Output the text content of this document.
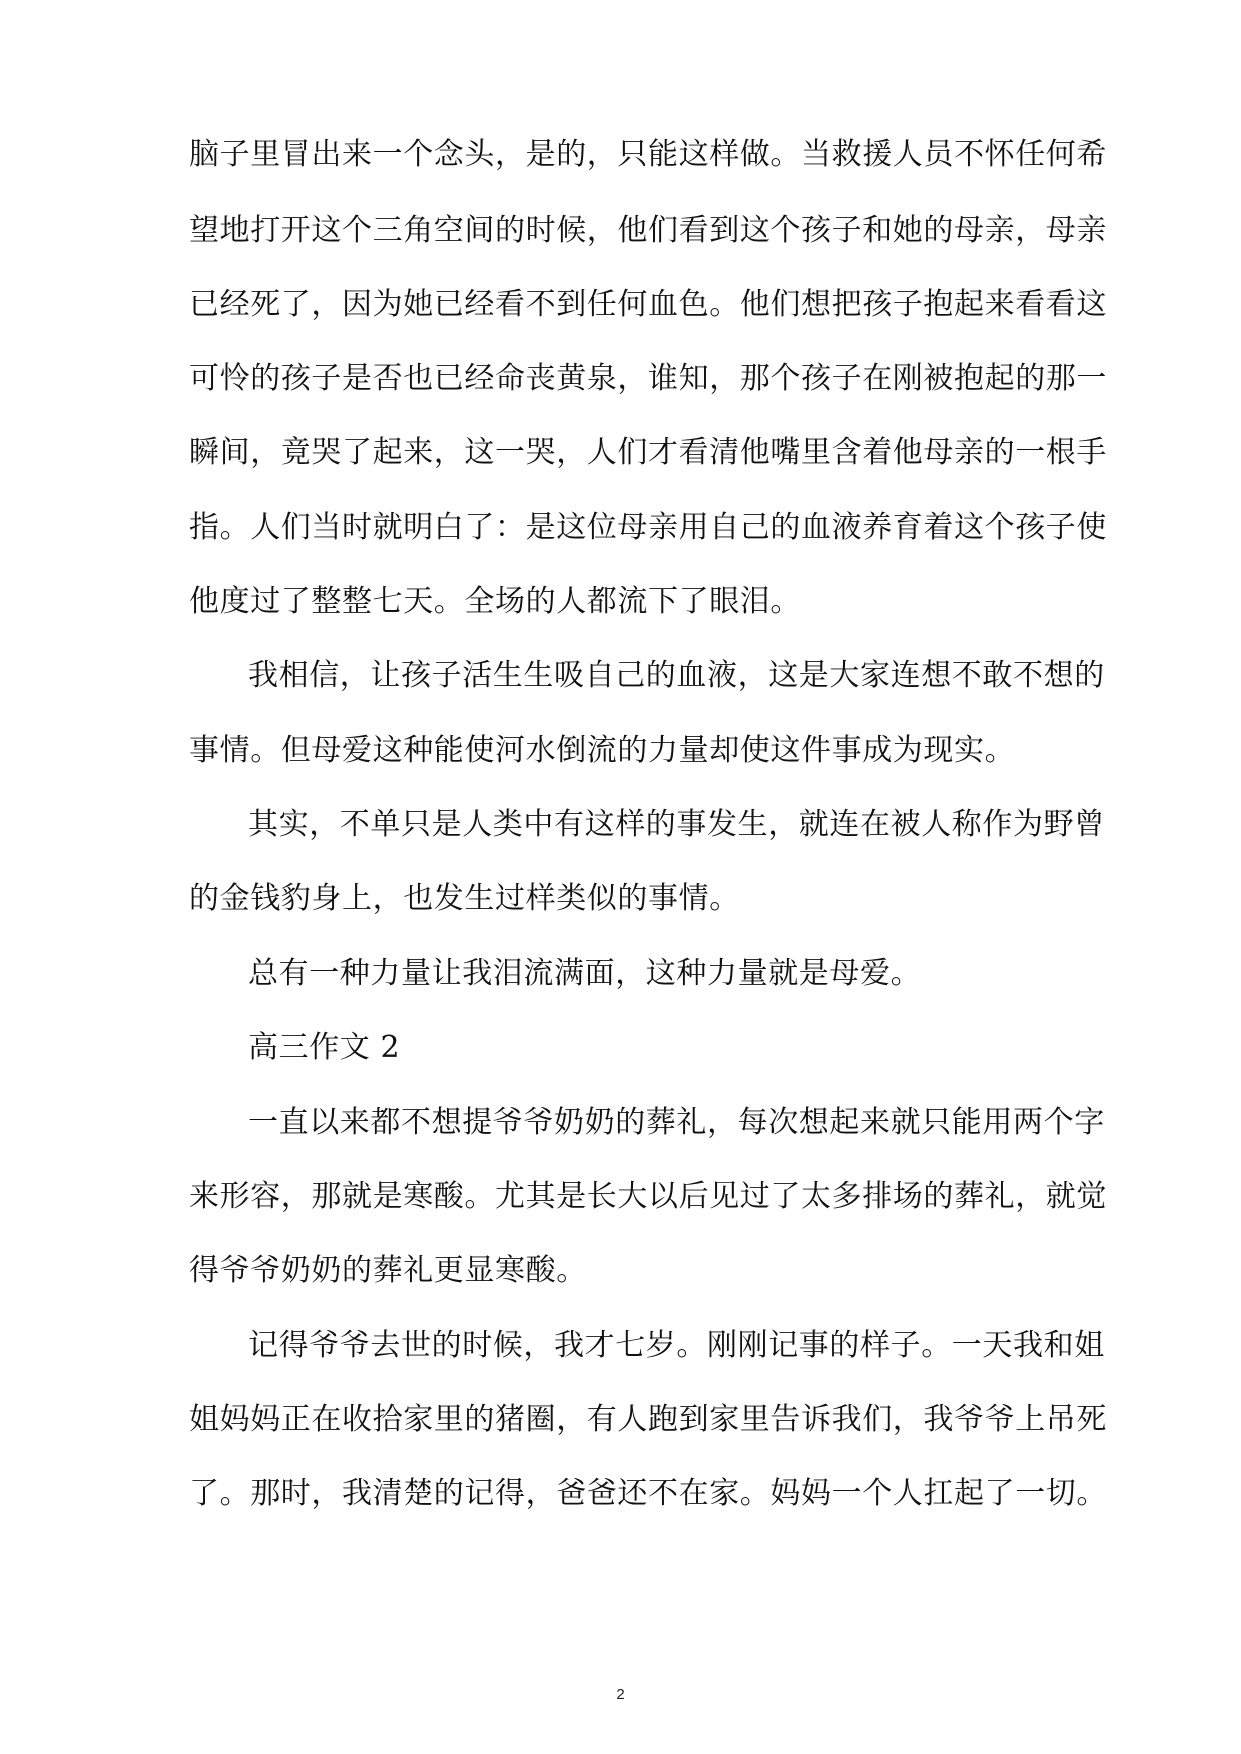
脑子里冒出来一个念头，是的，只能这样做。当救援人员不怀任何希
望地打开这个三角空间的时候，他们看到这个孩子和她的母亲，母亲
已经死了，因为她已经看不到任何血色。他们想把孩子抱起来看看这
可怜的孩子是否也已经命丧黄泉，谁知，那个孩子在刚被抱起的那一
瞬间，竟哭了起来，这一哭，人们才看清他嘴里含着他母亲的一根手
指。人们当时就明白了：是这位母亲用自己的血液养育着这个孩子使
他度过了整整七天。全场的人都流下了眼泪。
我相信，让孩子活生生吸自己的血液，这是大家连想不敢不想的
事情。但母爱这种能使河水倒流的力量却使这件事成为现实。
其实，不单只是人类中有这样的事发生，就连在被人称作为野曾
的金钱豹身上，也发生过样类似的事情。
总有一种力量让我泪流满面，这种力量就是母爱。
高三作文 2
一直以来都不想提爷爷奶奶的葬礼，每次想起来就只能用两个字
来形容，那就是寒酸。尤其是长大以后见过了太多排场的葬礼，就觉
得爷爷奶奶的葬礼更显寒酸。
记得爷爷去世的时候，我才七岁。刚刚记事的样子。一天我和姐
姐妈妈正在收拾家里的猪圈，有人跑到家里告诉我们，我爷爷上吊死
了。那时，我清楚的记得，爸爸还不在家。妈妈一个人扛起了一切。
2
